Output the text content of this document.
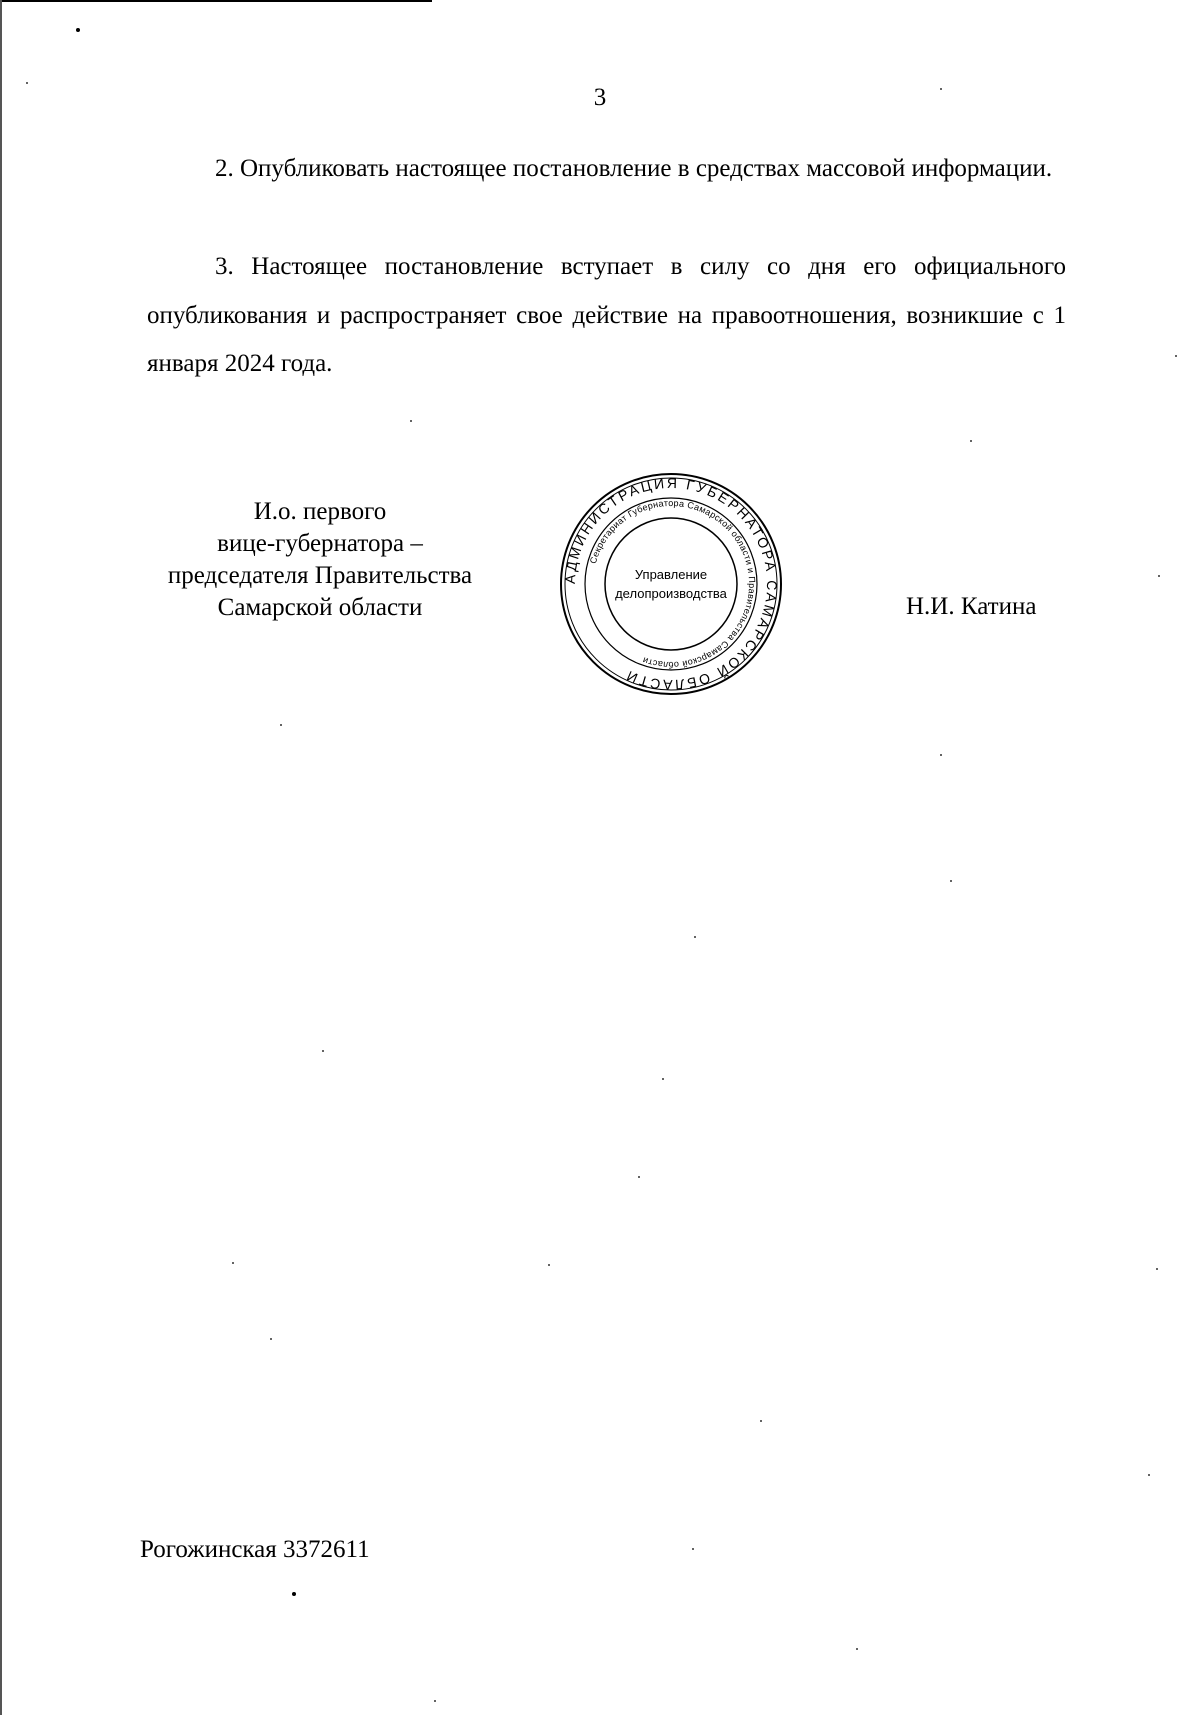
3

2. Опубликовать настоящее постановление в средствах массовой информации.

3. Настоящее постановление вступает в силу со дня его официального опубликования и распространяет свое действие на правоотношения, возникшие с 1 января 2024 года.

И.о. первого
вице-губернатора –
председателя Правительства
Самарской области
АДМИНИСТРАЦИЯ ГУБЕРНАТОРА САМАРСКОЙ ОБЛАСТИ
Секретариат Губернатора Самарской области и Правительства Самарской области
Управление
делопроизводства	Н.И. Катина
Рогожинская 3372611
